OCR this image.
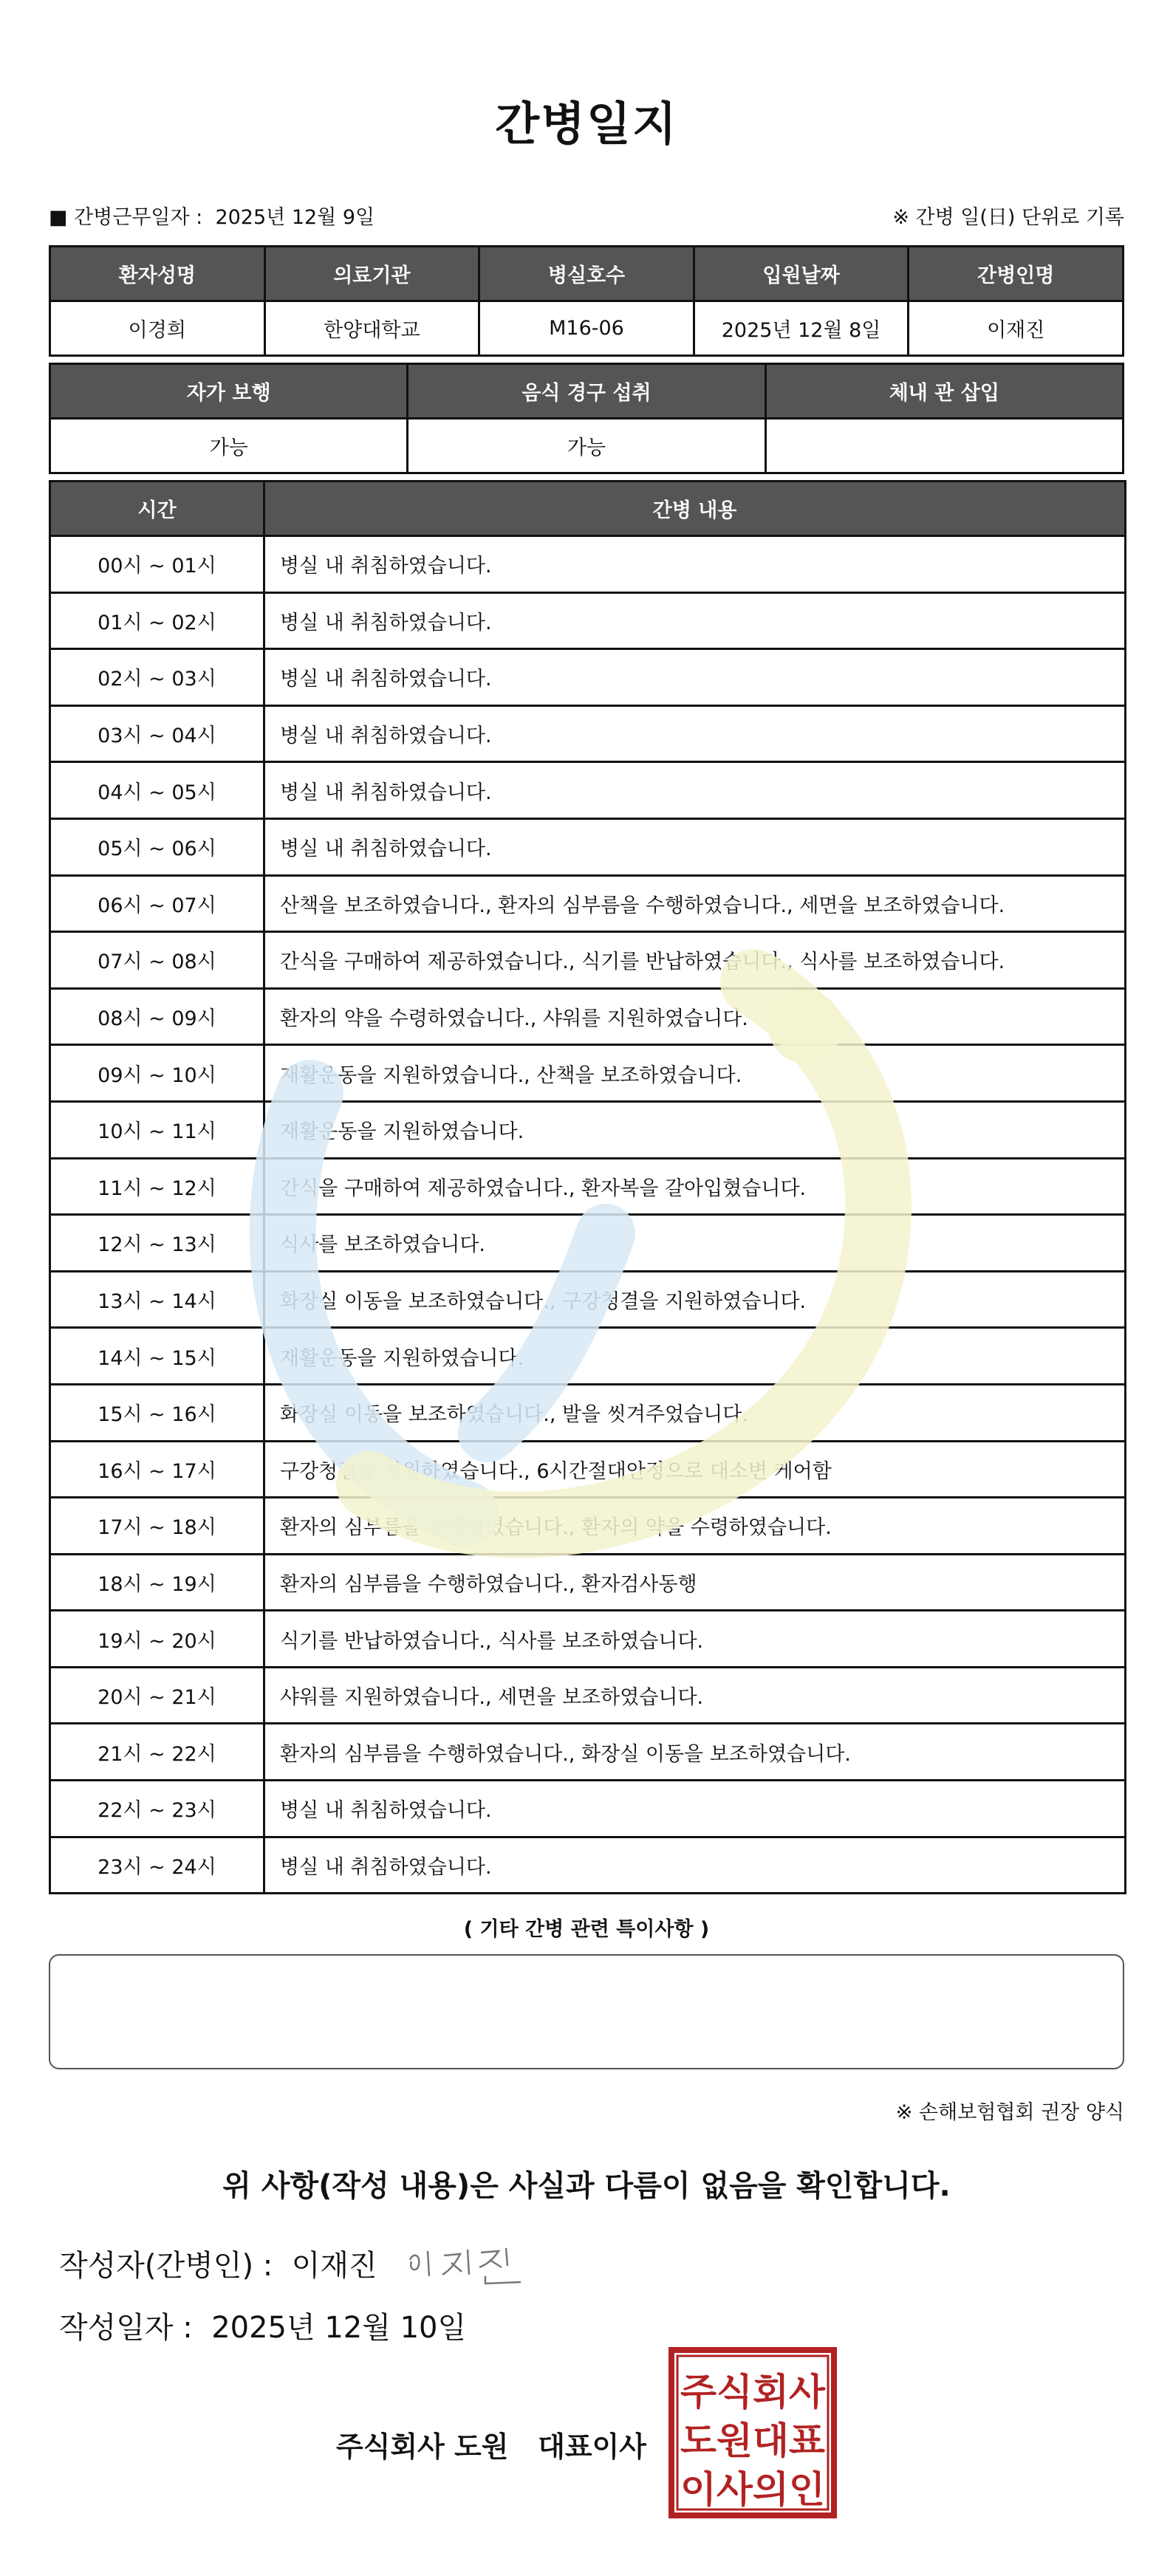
간병일지
■ 간병근무일자 : 2025년 12월 9일	※ 간병 일(日) 단위로 기록
환자성명	의료기관	병실호수	입원날짜	간병인명
이경희	한양대학교	M16-06	2025년 12월 8일	이재진
자가 보행	음식 경구 섭취	체내 관 삽입
가능	가능	
시간	간병 내용
00시 ~ 01시	병실 내 취침하였습니다.
01시 ~ 02시	병실 내 취침하였습니다.
02시 ~ 03시	병실 내 취침하였습니다.
03시 ~ 04시	병실 내 취침하였습니다.
04시 ~ 05시	병실 내 취침하였습니다.
05시 ~ 06시	병실 내 취침하였습니다.
06시 ~ 07시	산책을 보조하였습니다., 환자의 심부름을 수행하였습니다., 세면을 보조하였습니다.
07시 ~ 08시	간식을 구매하여 제공하였습니다., 식기를 반납하였습니다., 식사를 보조하였습니다.
08시 ~ 09시	환자의 약을 수령하였습니다., 샤워를 지원하였습니다.
09시 ~ 10시	재활운동을 지원하였습니다., 산책을 보조하였습니다.
10시 ~ 11시	재활운동을 지원하였습니다.
11시 ~ 12시	간식을 구매하여 제공하였습니다., 환자복을 갈아입혔습니다.
12시 ~ 13시	식사를 보조하였습니다.
13시 ~ 14시	화장실 이동을 보조하였습니다., 구강청결을 지원하였습니다.
14시 ~ 15시	재활운동을 지원하였습니다.
15시 ~ 16시	화장실 이동을 보조하였습니다., 발을 씻겨주었습니다.
16시 ~ 17시	구강청결을 지원하였습니다., 6시간절대안정으로 대소변 케어함
17시 ~ 18시	환자의 심부름을 수행하였습니다., 환자의 약을 수령하였습니다.
18시 ~ 19시	환자의 심부름을 수행하였습니다., 환자검사동행
19시 ~ 20시	식기를 반납하였습니다., 식사를 보조하였습니다.
20시 ~ 21시	샤워를 지원하였습니다., 세면을 보조하였습니다.
21시 ~ 22시	환자의 심부름을 수행하였습니다., 화장실 이동을 보조하였습니다.
22시 ~ 23시	병실 내 취침하였습니다.
23시 ~ 24시	병실 내 취침하였습니다.
( 기타 간병 관련 특이사항 )
※ 손해보험협회 권장 양식
위 사항(작성 내용)은 사실과 다름이 없음을 확인합니다.
작성자(간병인) : 이재진
작성일자 : 2025년 12월 10일
주식회사 도원 대표이사
주식회사
도원대표
이사의인
